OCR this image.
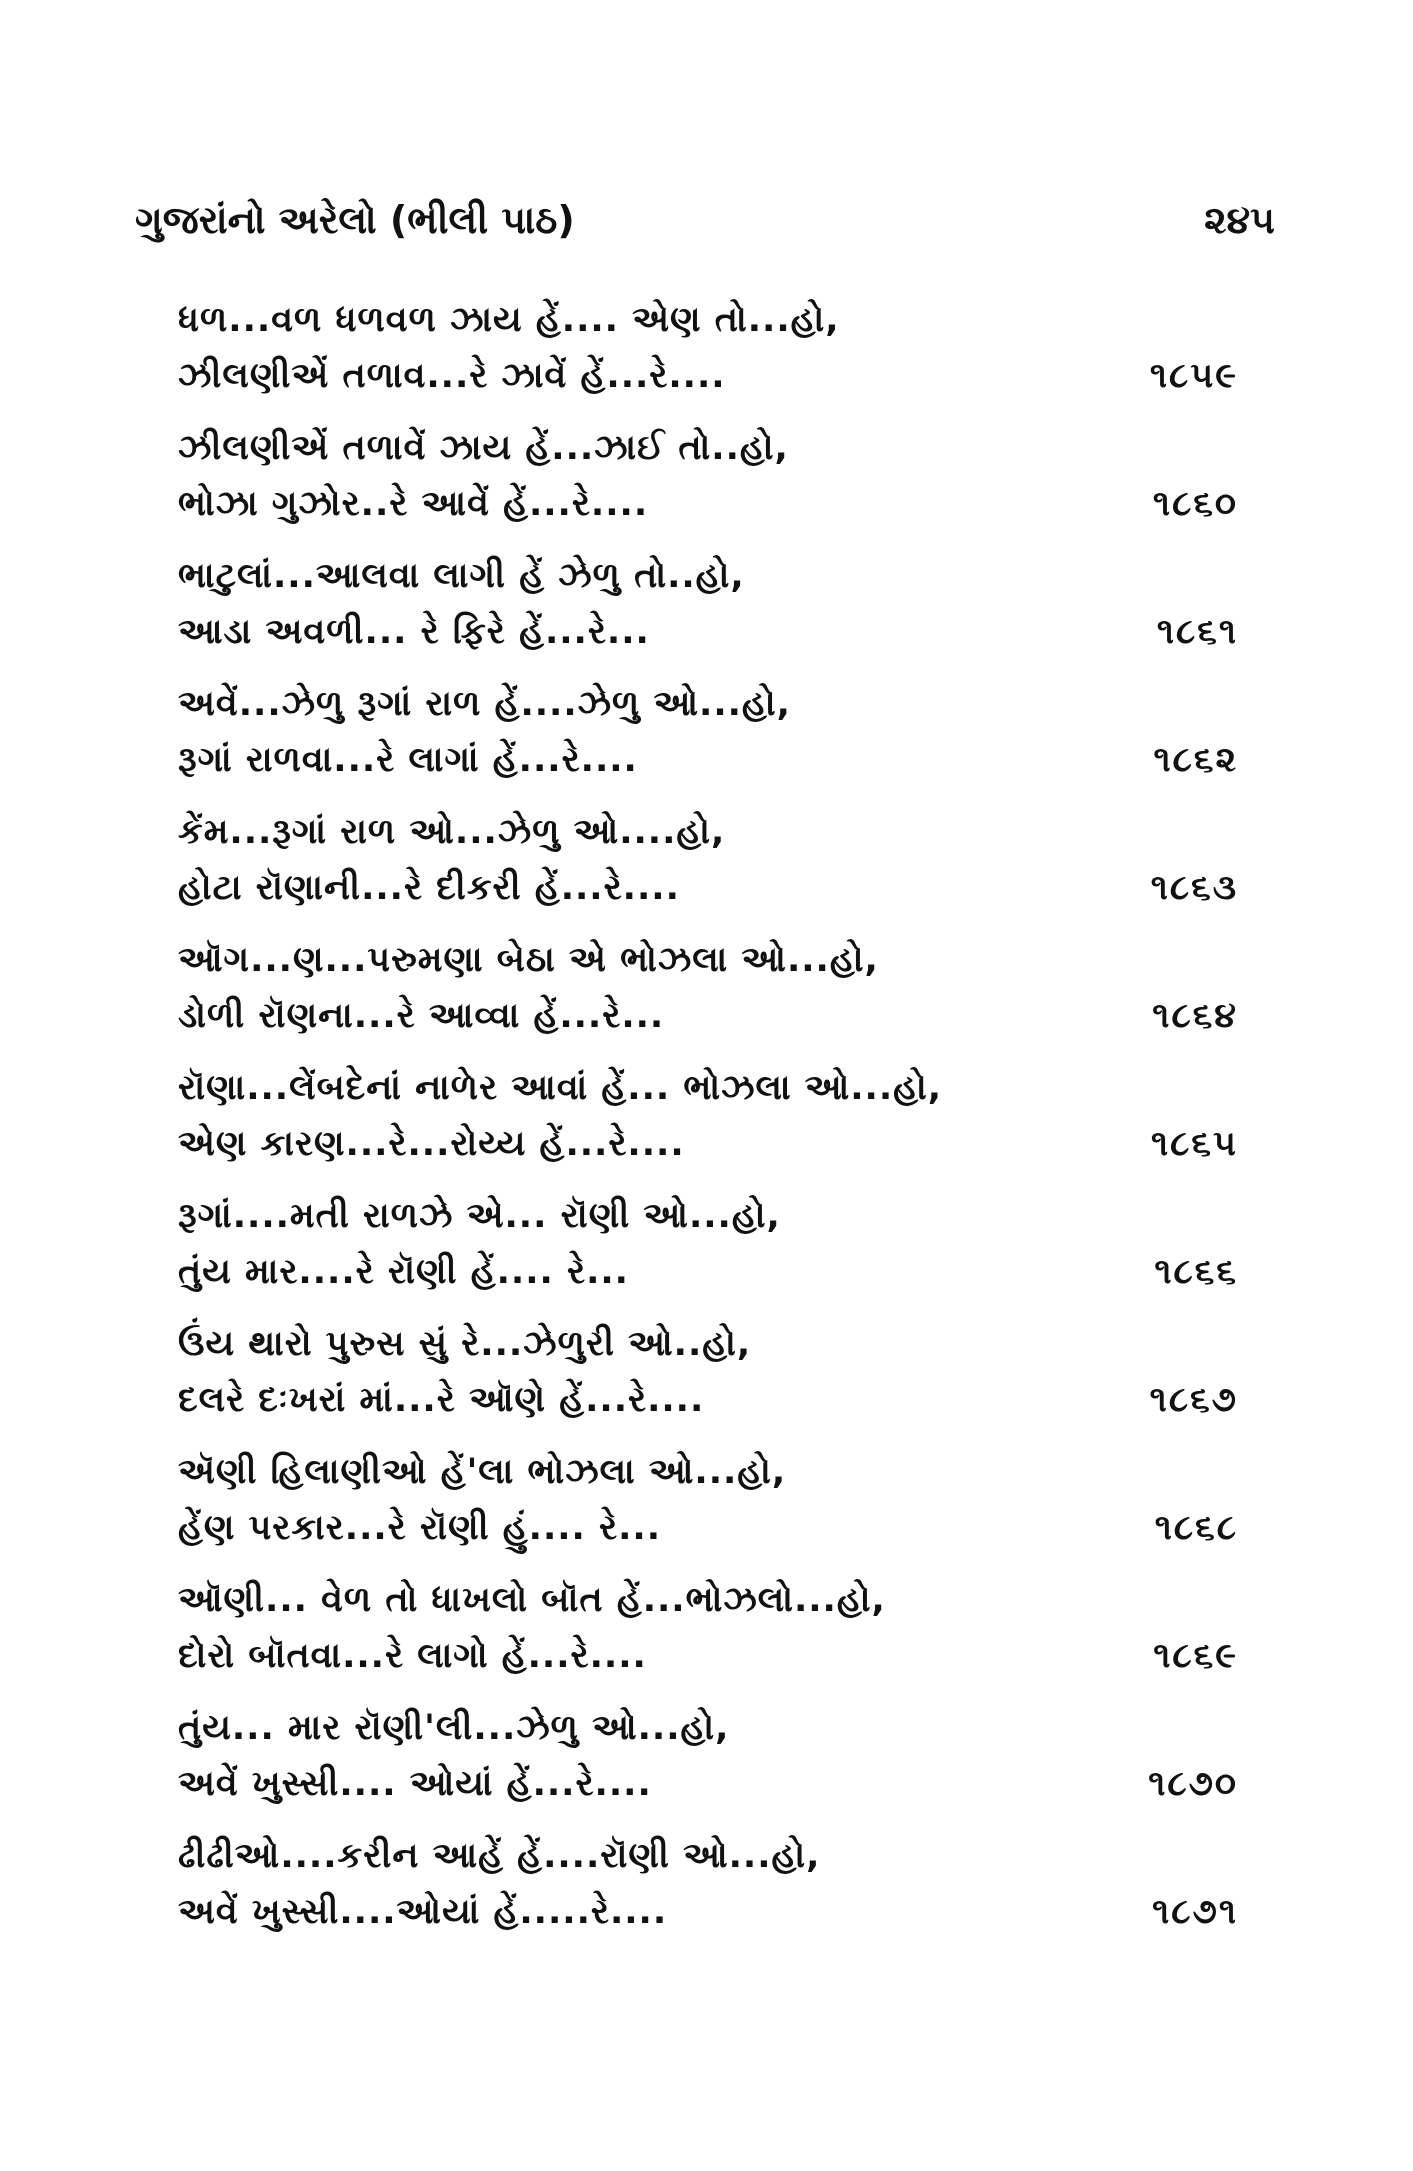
ગુજરાંનો અરેલો (ભીલી પાઠ)	૨૪૫
ધળ...વળ ધળવળ ઝાય હેં.... એણ તો...હો,
ઝીલણીએં તળાવ...રે ઝાવેં હેં...રે....	૧૮૫૯
ઝીલણીએં તળાવેં ઝાય હેં...ઝાઈ તો..હો,
ભોઝા ગુઝોર..રે આવેં હેં...રે....	૧૮૬૦
ભાટુલાં...આલવા લાગી હેં ઝેળુ તો..હો,
આડા અવળી... રે ફિરે હેં...રે...	૧૮૬૧
અવેં...ઝેળુ રૂગાં રાળ હેં....ઝેળુ ઓ...હો,
રૂગાં રાળવા...રે લાગાં હેં...રે....	૧૮૬૨
કેંમ...રૂગાં રાળ ઓ...ઝેળુ ઓ....હો,
હોટા રૉણાની...રે દીકરી હેં...રે....	૧૮૬૩
ઑગ...ણ...પરુમણા બેઠા એ ભોઝલા ઓ...હો,
ડોળી રૉણના...રે આવ્વા હેં...રે...	૧૮૬૪
રૉણા...લેંબદેનાં નાળેર આવાં હેં... ભોઝલા ઓ...હો,
એણ કારણ...રે...રોય્ય હેં...રે....	૧૮૬૫
રૂગાં....મતી રાળઝે એ... રૉણી ઓ...હો,
તુંય માર....રે રૉણી હેં.... રે...	૧૮૬૬
ઉંય થારો પુરુસ સું રે...ઝેળુરી ઓ..હો,
દલરે દઃખરાં માં...રે ઑણે હેં...રે....	૧૮૬૭
ઍણી હિલાણીઓ હેં'લા ભોઝલા ઓ...હો,
હેંણ પરકાર...રે રૉણી હું.... રે...	૧૮૬૮
ઑણી... વેળ તો ધાખલો બૉત હેં...ભોઝલો...હો,
દોરો બૉતવા...રે લાગો હેં...રે....	૧૮૬૯
તુંય... માર રૉણી'લી...ઝેળુ ઓ...હો,
અવેં ખુસ્સી.... ઓયાં હેં...રે....	૧૮૭૦
ઢીઢીઓ....કરીન આહેં હેં....રૉણી ઓ...હો,
અવેં ખુસ્સી....ઓયાં હેં.....રે....	૧૮૭૧
